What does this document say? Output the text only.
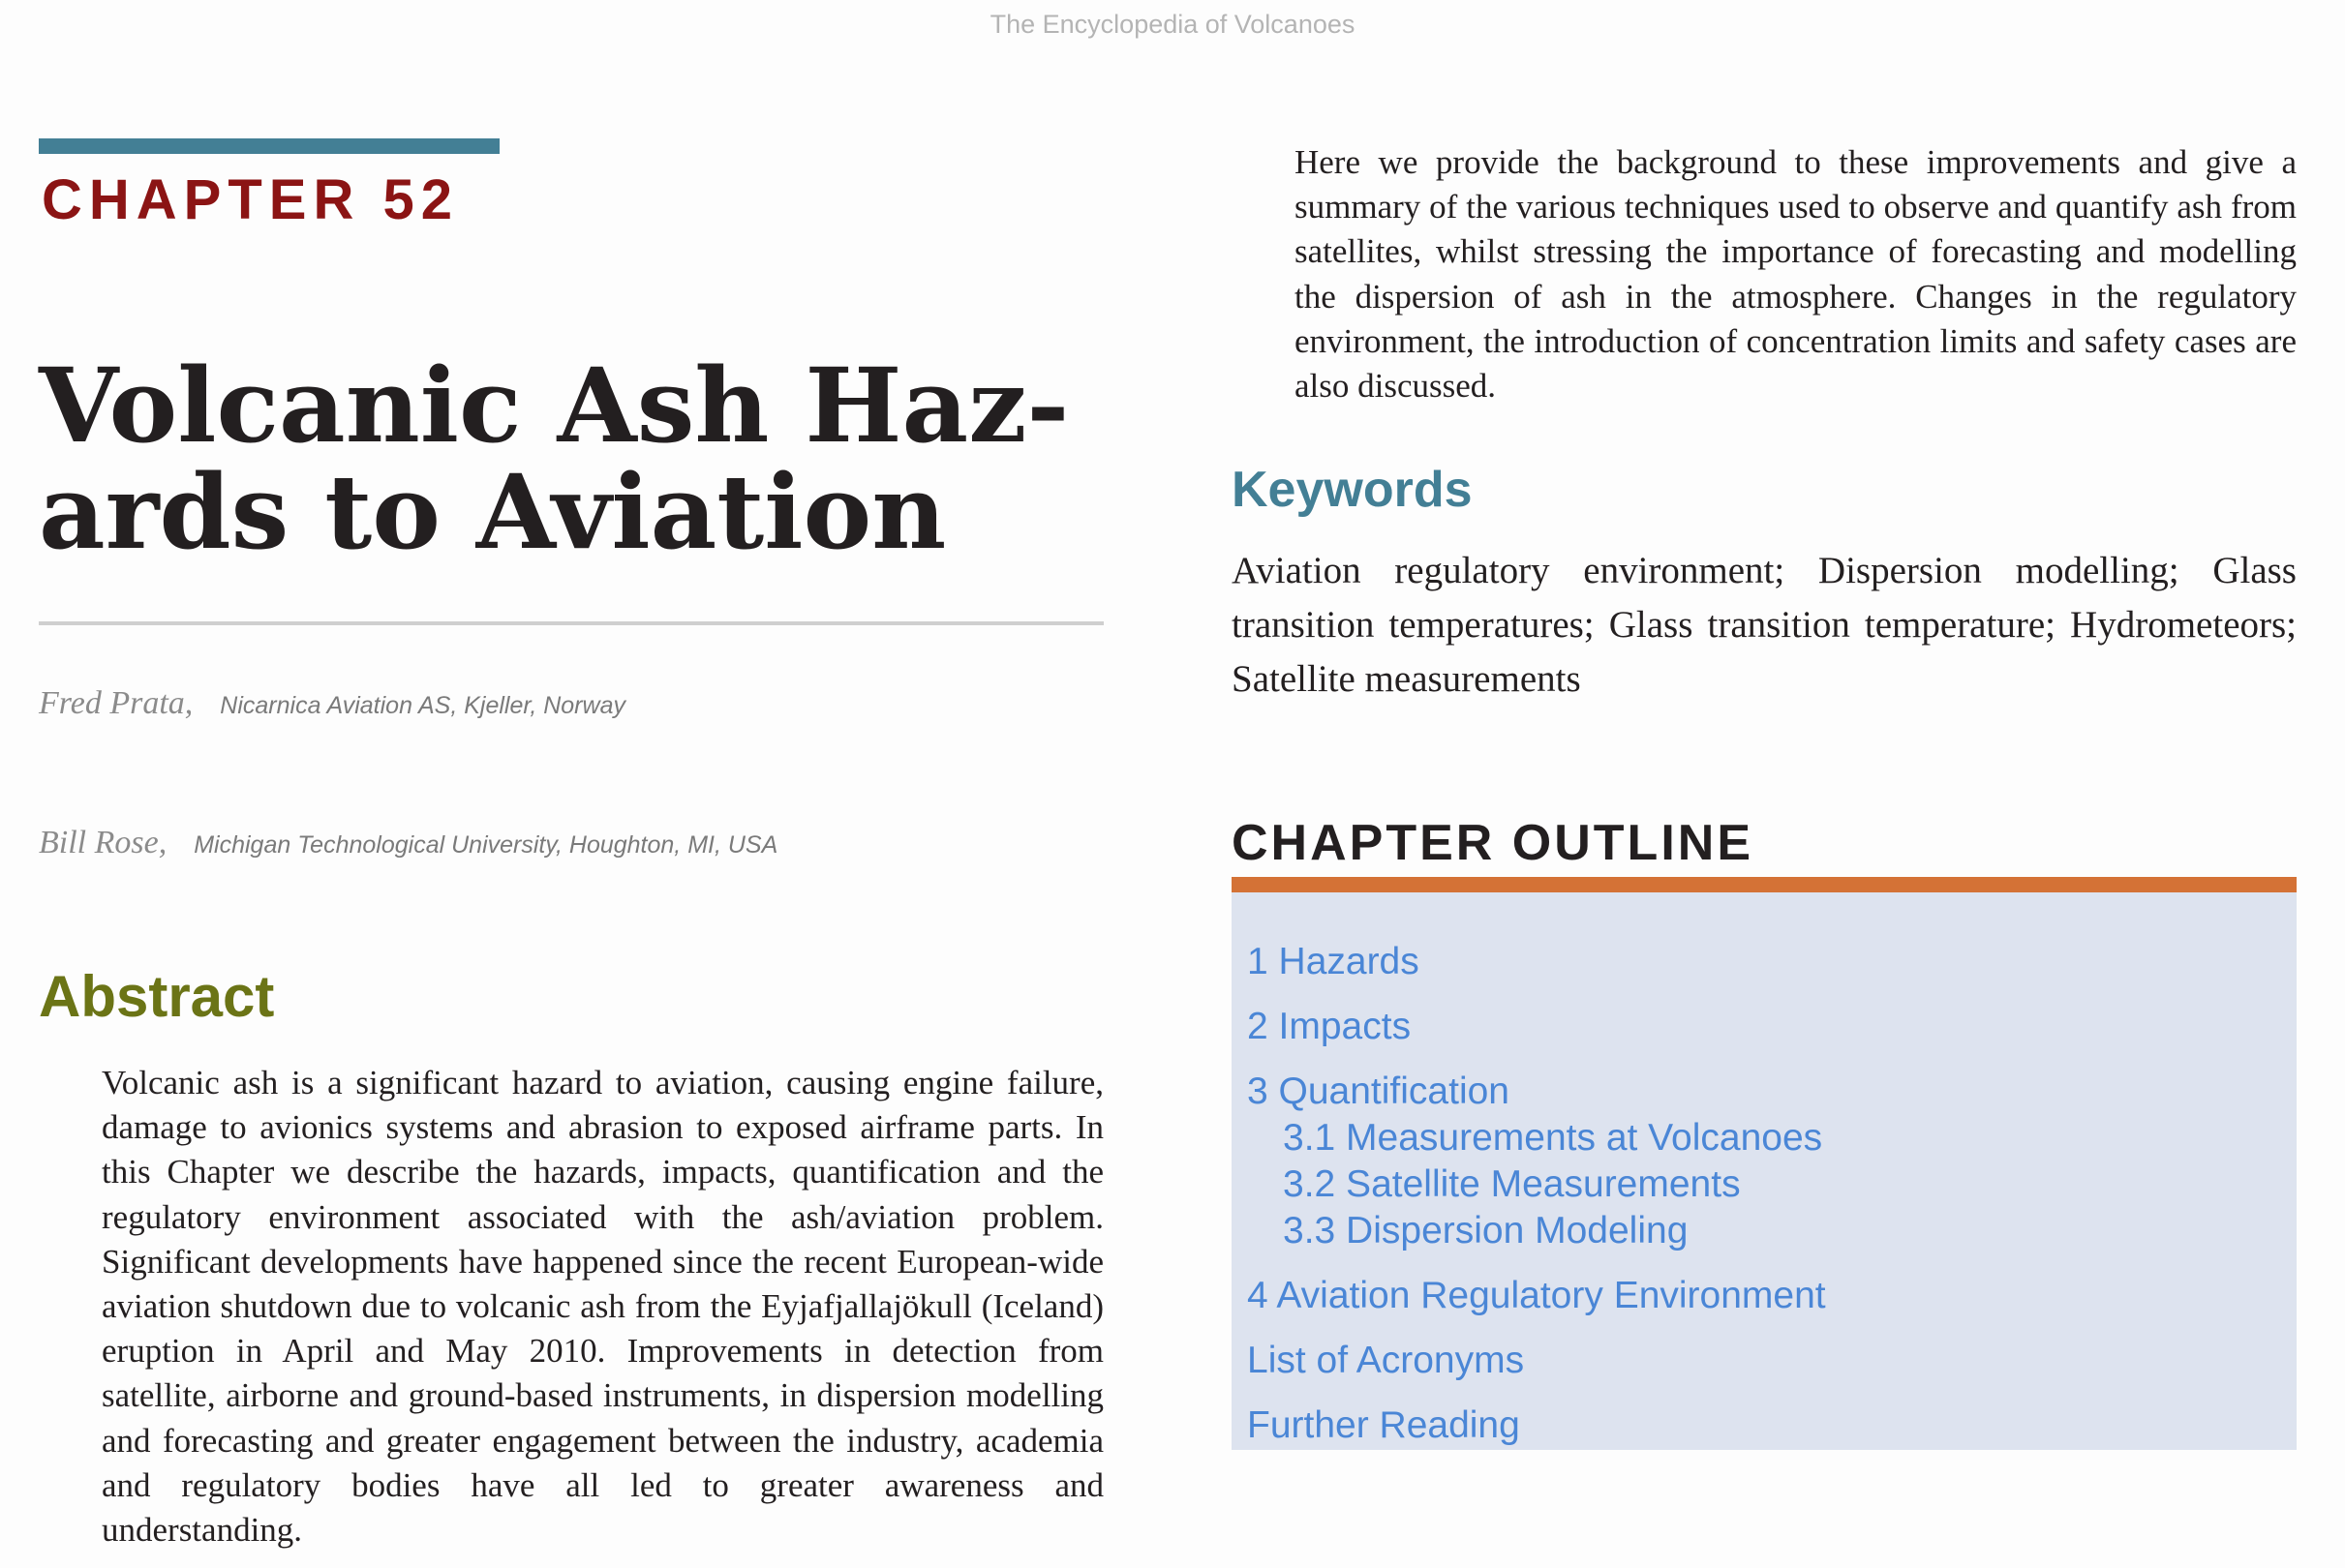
The Encyclopedia of Volcanoes
CHAPTER 52
Volcanic Ash Haz-
ards to Aviation
Fred Prata, Nicarnica Aviation AS, Kjeller, Norway
Bill Rose, Michigan Technological University, Houghton, MI, USA
Abstract

Volcanic ash is a significant hazard to aviation, causing engine failure, damage to avionics systems and abrasion to exposed airframe parts. In this Chapter we describe the hazards, impacts, quantification and the regulatory environment associated with the ash/aviation problem. Significant developments have happened since the recent European-wide aviation shutdown due to volcanic ash from the Eyjafjallajökull (Iceland) eruption in April and May 2010. Improvements in detection from satellite, airborne and ground-based instruments, in dispersion modelling and forecasting and greater engagement between the industry, academia and regulatory bodies have all led to greater awareness and understanding.

Here we provide the background to these improvements and give a summary of the various techniques used to observe and quantify ash from satellites, whilst stressing the importance of forecasting and modelling the dispersion of ash in the atmosphere. Changes in the regulatory environment, the introduction of concentration limits and safety cases are also discussed.

Keywords

Aviation regulatory environment; Dispersion modelling; Glass transition temperatures; Glass transition temperature; Hydrometeors; Satellite measurements

CHAPTER OUTLINE
1 Hazards
2 Impacts
3 Quantification
3.1 Measurements at Volcanoes
3.2 Satellite Measurements
3.3 Dispersion Modeling
4 Aviation Regulatory Environment
List of Acronyms
Further Reading
